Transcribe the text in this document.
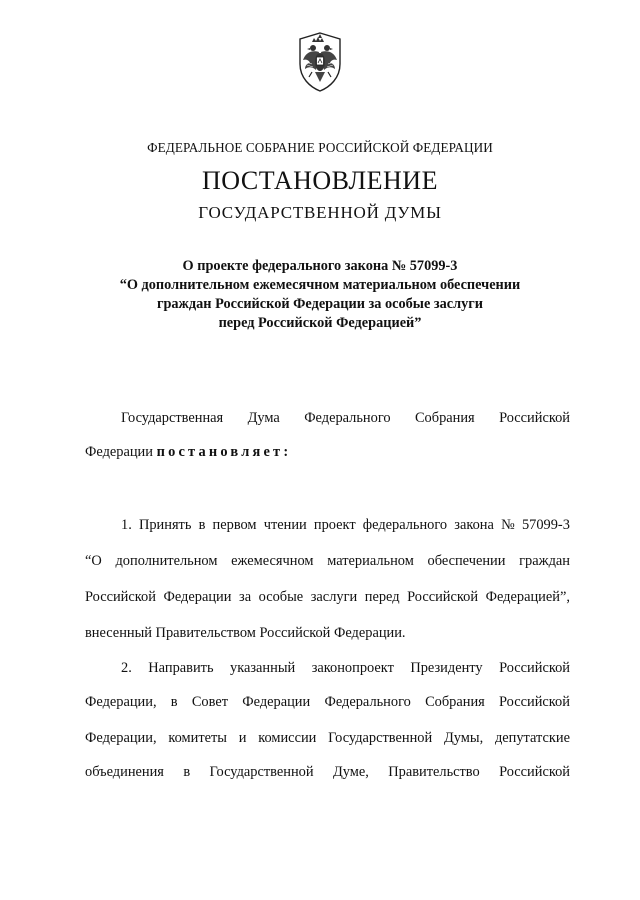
ФЕДЕРАЛЬНОЕ СОБРАНИЕ РОССИЙСКОЙ ФЕДЕРАЦИИ
ПОСТАНОВЛЕНИЕ
ГОСУДАРСТВЕННОЙ ДУМЫ
О проекте федерального закона № 57099-3
“О дополнительном ежемесячном материальном обеспечении
граждан Российской Федерации за особые заслуги
перед Российской Федерацией”
Государственная Дума Федерального Собрания Российской
Федерации постановляет:
1. Принять в первом чтении проект федерального закона № 57099-3
“О дополнительном ежемесячном материальном обеспечении граждан
Российской Федерации за особые заслуги перед Российской Федерацией”,
внесенный Правительством Российской Федерации.
2. Направить указанный законопроект Президенту Российской
Федерации, в Совет Федерации Федерального Собрания Российской
Федерации, комитеты и комиссии Государственной Думы, депутатские
объединения в Государственной Думе, Правительство Российской
